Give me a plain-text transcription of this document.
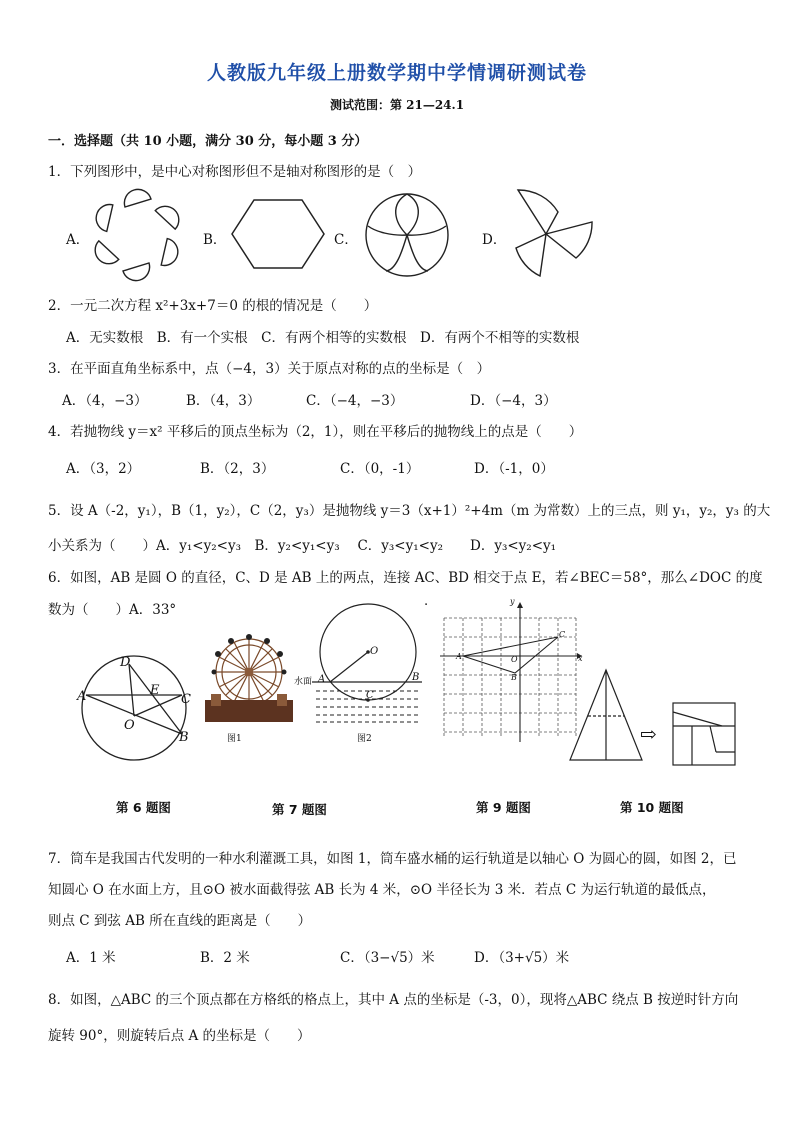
人教版九年级上册数学期中学情调研测试卷
测试范围：第 21—24.1
一．选择题（共 10 小题，满分 30 分，每小题 3 分）
1．下列图形中，是中心对称图形但不是轴对称图形的是（　）
A．	B．	C．	D．
2．一元二次方程 x²+3x+7＝0 的根的情况是（　　）
A．无实数根　B．有一个实根　C．有两个相等的实数根　D．有两个不相等的实数根
3．在平面直角坐标系中，点（−4，3）关于原点对称的点的坐标是（　）
A．（4，−3）	B．（4，3）	C．（−4，−3）	D．（−4，3）
4．若抛物线 y＝x² 平移后的顶点坐标为（2，1），则在平移后的抛物线上的点是（　　）
A．（3，2）	B．（2，3）	C．（0，-1）	D．（-1，0）
5．设 A（-2，y₁），B（1，y₂），C（2，y₃）是抛物线 y＝3（x+1）²+4m（m 为常数）上的三点，则 y₁，y₂，y₃ 的大
小关系为（　　）A．y₁<y₂<y₃　B．y₂<y₁<y₃　 C．y₃<y₁<y₂　　D．y₃<y₂<y₁
6．如图，AB 是圆 O 的直径，C、D 是 AB 上的两点，连接 AC、BD 相交于点 E，若∠BEC＝58°，那么∠DOC 的度
数为（　　）A．33°
.
D
A	E
C
O
B	图1
水面
O
A	B
C
图2
y
x
A	O
C
B
⇨
第 6 题图	第 7 题图	第 9 题图	第 10 题图
7．筒车是我国古代发明的一种水利灌溉工具，如图 1，筒车盛水桶的运行轨道是以轴心 O 为圆心的圆，如图 2，已
知圆心 O 在水面上方，且⊙O 被水面截得弦 AB 长为 4 米，⊙O 半径长为 3 米．若点 C 为运行轨道的最低点，
则点 C 到弦 AB 所在直线的距离是（　　）
A．1 米	B．2 米	C．（3−√5）米	D．（3+√5）米
8．如图，△ABC 的三个顶点都在方格纸的格点上，其中 A 点的坐标是（-3，0），现将△ABC 绕点 B 按逆时针方向
旋转 90°，则旋转后点 A 的坐标是（　　）
